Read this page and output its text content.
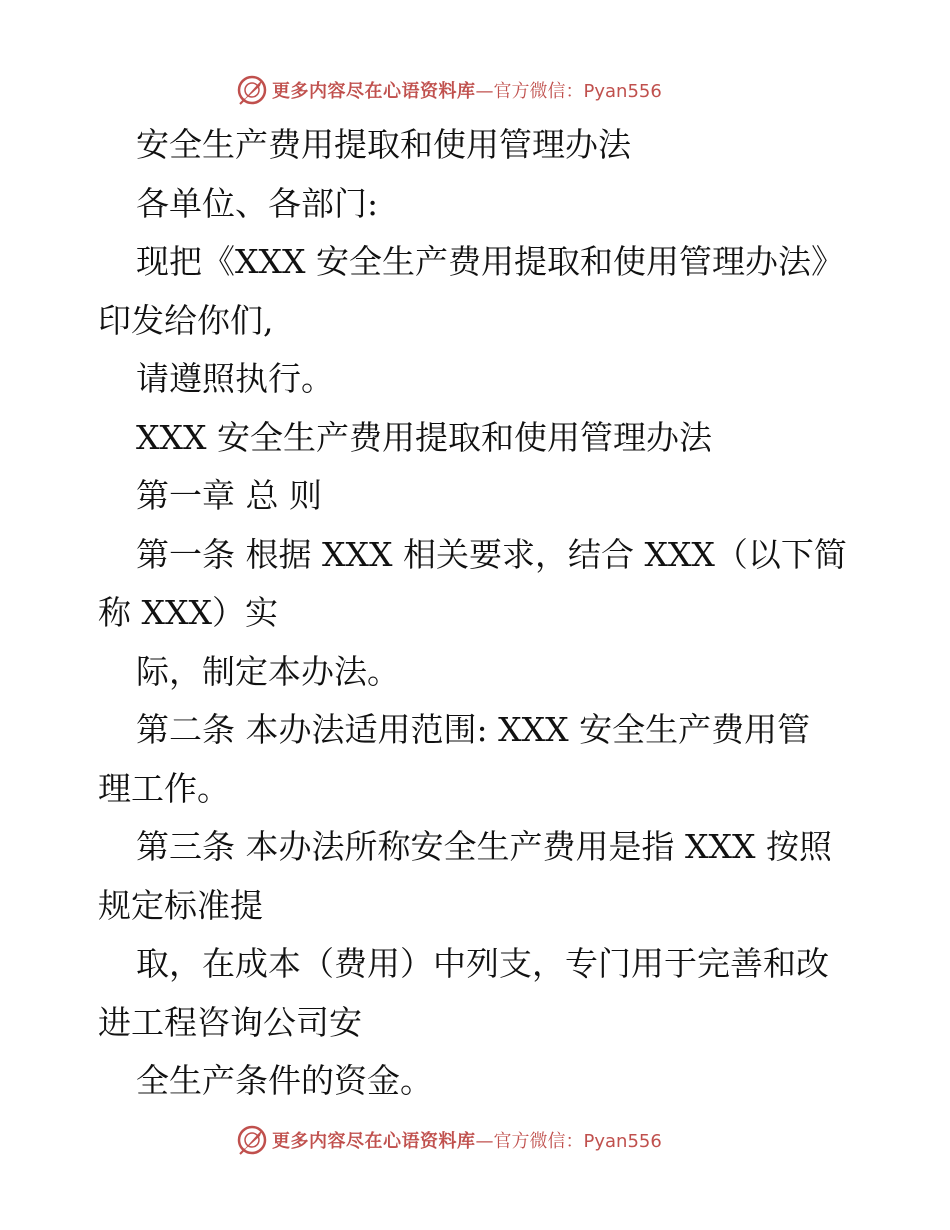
更多内容尽在心语资料库 —官方微信：Pyan556

安全生产费用提取和使用管理办法

各单位、各部门:

现把《XXX 安全生产费用提取和使用管理办法》

印发给你们,

请遵照执行。

XXX 安全生产费用提取和使用管理办法

第一章 总 则

第一条 根据 XXX 相关要求，结合 XXX（以下简

称 XXX）实

际，制定本办法。

第二条 本办法适用范围: XXX 安全生产费用管

理工作。

第三条 本办法所称安全生产费用是指 XXX 按照

规定标准提

取，在成本（费用）中列支，专门用于完善和改

进工程咨询公司安

全生产条件的资金。

更多内容尽在心语资料库 —官方微信：Pyan556
